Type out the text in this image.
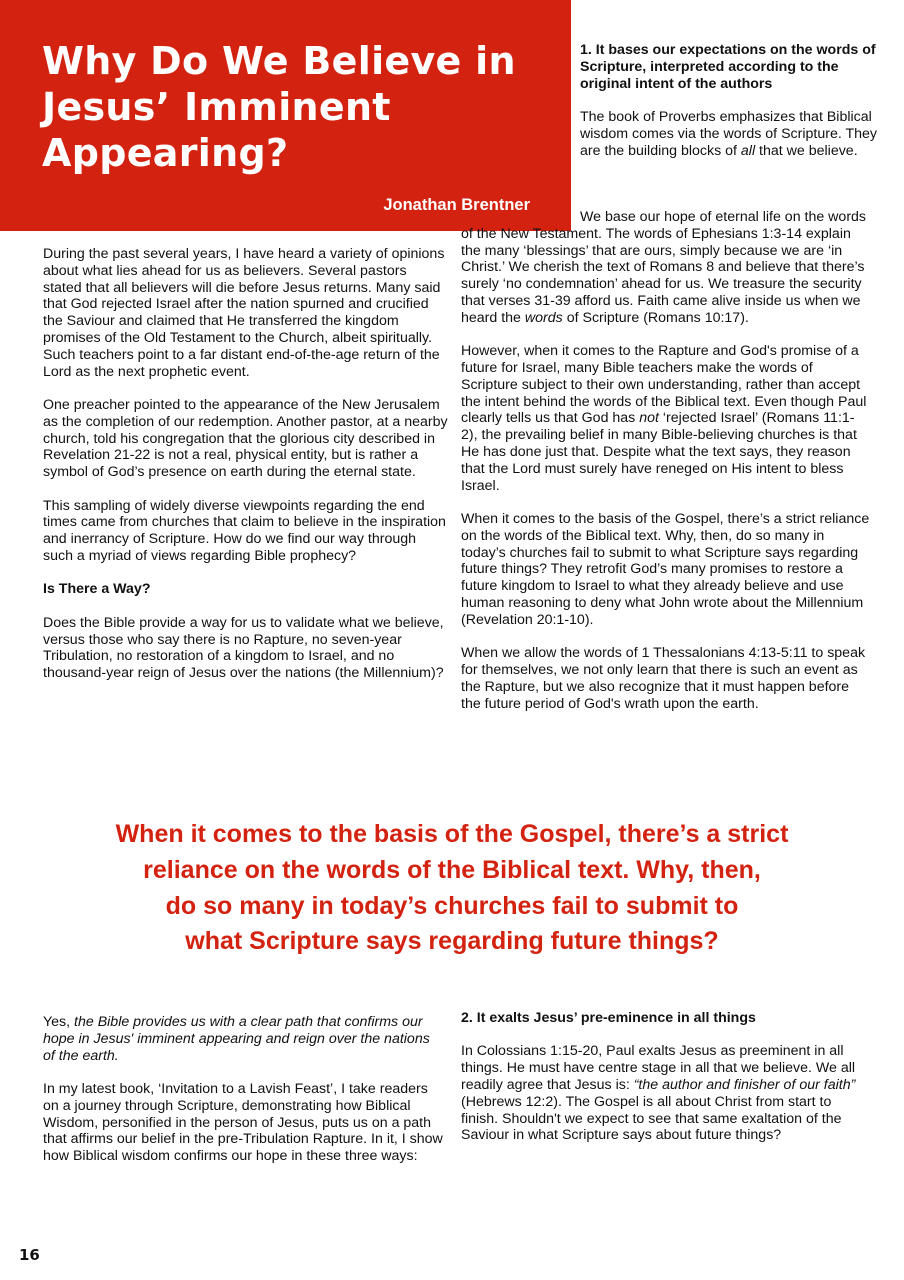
Why Do We Believe in Jesus’ Imminent Appearing?
Jonathan Brentner
1. It bases our expectations on the words of Scripture, interpreted according to the original intent of the authors

The book of Proverbs emphasizes that Biblical wisdom comes via the words of Scripture. They are the building blocks of all that we believe.

During the past several years, I have heard a variety of opinions about what lies ahead for us as believers. Several pastors stated that all believers will die before Jesus returns. Many said that God rejected Israel after the nation spurned and crucified the Saviour and claimed that He transferred the kingdom promises of the Old Testament to the Church, albeit spiritually. Such teachers point to a far distant end-of-the-age return of the Lord as the next prophetic event.

One preacher pointed to the appearance of the New Jerusalem as the completion of our redemption. Another pastor, at a nearby church, told his congregation that the glorious city described in Revelation 21-22 is not a real, physical entity, but is rather a symbol of God’s presence on earth during the eternal state.

This sampling of widely diverse viewpoints regarding the end times came from churches that claim to believe in the inspiration and inerrancy of Scripture. How do we find our way through such a myriad of views regarding Bible prophecy?

Is There a Way?

Does the Bible provide a way for us to validate what we believe, versus those who say there is no Rapture, no seven-year Tribulation, no restoration of a kingdom to Israel, and no thousand-year reign of Jesus over the nations (the Millennium)?

We base our hope of eternal life on the words of the New Testament. The words of Ephesians 1:3-14 explain the many ‘blessings’ that are ours, simply because we are ‘in Christ.’ We cherish the text of Romans 8 and believe that there’s surely ‘no condemnation’ ahead for us. We treasure the security that verses 31-39 afford us. Faith came alive inside us when we heard the words of Scripture (Romans 10:17).

However, when it comes to the Rapture and God's promise of a future for Israel, many Bible teachers make the words of Scripture subject to their own understanding, rather than accept the intent behind the words of the Biblical text. Even though Paul clearly tells us that God has not ‘rejected Israel’ (Romans 11:1-2), the prevailing belief in many Bible-believing churches is that He has done just that. Despite what the text says, they reason that the Lord must surely have reneged on His intent to bless Israel.

When it comes to the basis of the Gospel, there’s a strict reliance on the words of the Biblical text. Why, then, do so many in today’s churches fail to submit to what Scripture says regarding future things? They retrofit God’s many promises to restore a future kingdom to Israel to what they already believe and use human reasoning to deny what John wrote about the Millennium (Revelation 20:1-10).

When we allow the words of 1 Thessalonians 4:13-5:11 to speak for themselves, we not only learn that there is such an event as the Rapture, but we also recognize that it must happen before the future period of God's wrath upon the earth.

When it comes to the basis of the Gospel, there’s a strict
reliance on the words of the Biblical text. Why, then,
do so many in today’s churches fail to submit to
what Scripture says regarding future things?

Yes, the Bible provides us with a clear path that confirms our hope in Jesus' imminent appearing and reign over the nations of the earth.

In my latest book, ‘Invitation to a Lavish Feast’, I take readers on a journey through Scripture, demonstrating how Biblical Wisdom, personified in the person of Jesus, puts us on a path that affirms our belief in the pre-Tribulation Rapture. In it, I show how Biblical wisdom confirms our hope in these three ways:

2. It exalts Jesus’ pre-eminence in all things

In Colossians 1:15-20, Paul exalts Jesus as preeminent in all things. He must have centre stage in all that we believe. We all readily agree that Jesus is: “the author and finisher of our faith” (Hebrews 12:2). The Gospel is all about Christ from start to finish. Shouldn't we expect to see that same exaltation of the Saviour in what Scripture says about future things?

16
